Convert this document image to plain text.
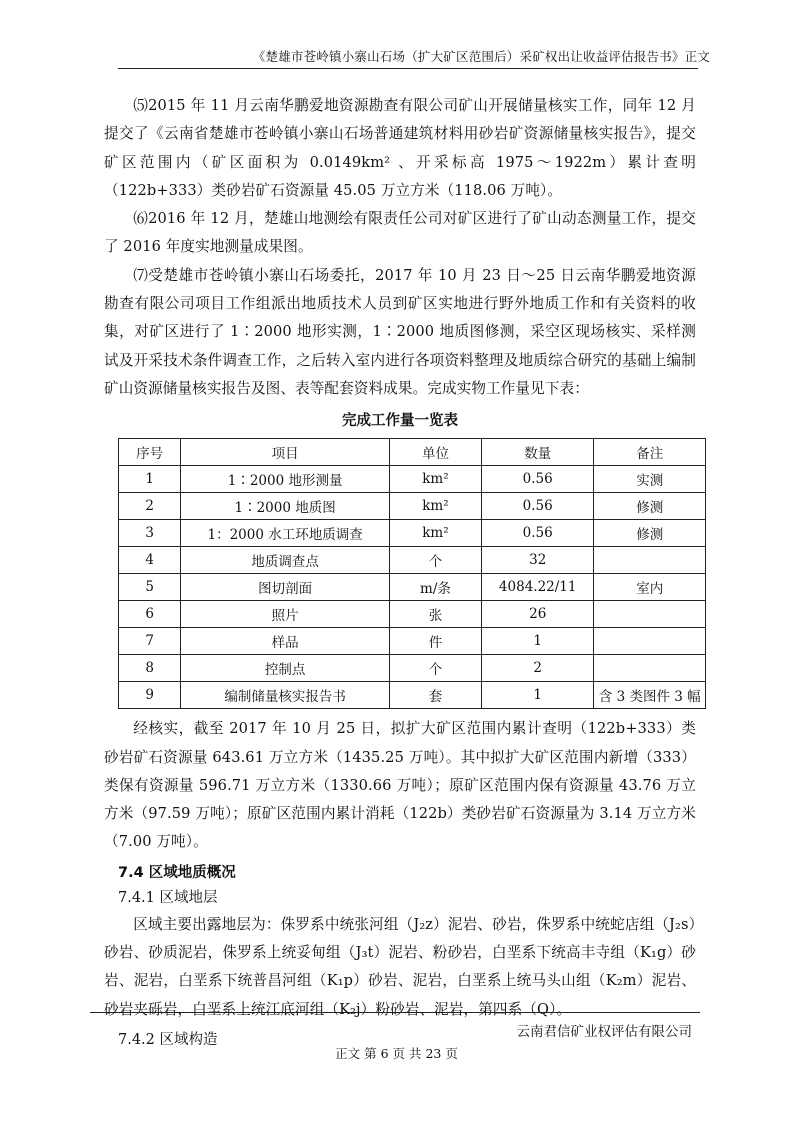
《楚雄市苍岭镇小寨山石场（扩大矿区范围后）采矿权出让收益评估报告书》正文

⑸2015 年 11 月云南华鹏爱地资源勘查有限公司矿山开展储量核实工作，同年 12 月提交了《云南省楚雄市苍岭镇小寨山石场普通建筑材料用砂岩矿资源储量核实报告》，提交矿区范围内（矿区面积为 0.0149km² 、开采标高 1975～1922m）累计查明（122b+333）类砂岩矿石资源量 45.05 万立方米（118.06 万吨）。

⑹2016 年 12 月，楚雄山地测绘有限责任公司对矿区进行了矿山动态测量工作，提交了 2016 年度实地测量成果图。

⑺受楚雄市苍岭镇小寨山石场委托，2017 年 10 月 23 日～25 日云南华鹏爱地资源勘查有限公司项目工作组派出地质技术人员到矿区实地进行野外地质工作和有关资料的收集，对矿区进行了 1∶2000 地形实测，1∶2000 地质图修测，采空区现场核实、采样测试及开采技术条件调查工作，之后转入室内进行各项资料整理及地质综合研究的基础上编制矿山资源储量核实报告及图、表等配套资料成果。完成实物工作量见下表：

完成工作量一览表
序号	项目	单位	数量	备注
1	1∶2000 地形测量	km²	0.56	实测
2	1∶2000 地质图	km²	0.56	修测
3	1：2000 水工环地质调查	km²	0.56	修测
4	地质调查点	个	32	
5	图切剖面	m/条	4084.22/11	室内
6	照片	张	26	
7	样品	件	1	
8	控制点	个	2	
9	编制储量核实报告书	套	1	含 3 类图件 3 幅

经核实，截至 2017 年 10 月 25 日，拟扩大矿区范围内累计查明（122b+333）类砂岩矿石资源量 643.61 万立方米（1435.25 万吨）。其中拟扩大矿区范围内新增（333）类保有资源量 596.71 万立方米（1330.66 万吨）；原矿区范围内保有资源量 43.76 万立方米（97.59 万吨）；原矿区范围内累计消耗（122b）类砂岩矿石资源量为 3.14 万立方米（7.00 万吨）。

7.4 区域地质概况
7.4.1 区域地层

区域主要出露地层为：侏罗系中统张河组（J₂z）泥岩、砂岩，侏罗系中统蛇店组（J₂s）砂岩、砂质泥岩，侏罗系上统妥甸组（J₃t）泥岩、粉砂岩，白垩系下统高丰寺组（K₁g）砂岩、泥岩，白垩系下统普昌河组（K₁p）砂岩、泥岩，白垩系上统马头山组（K₂m）泥岩、砂岩夹砾岩，白垩系上统江底河组（K₂j）粉砂岩、泥岩，第四系（Q）。

7.4.2 区域构造	云南君信矿业权评估有限公司
正文 第 6 页 共 23 页
